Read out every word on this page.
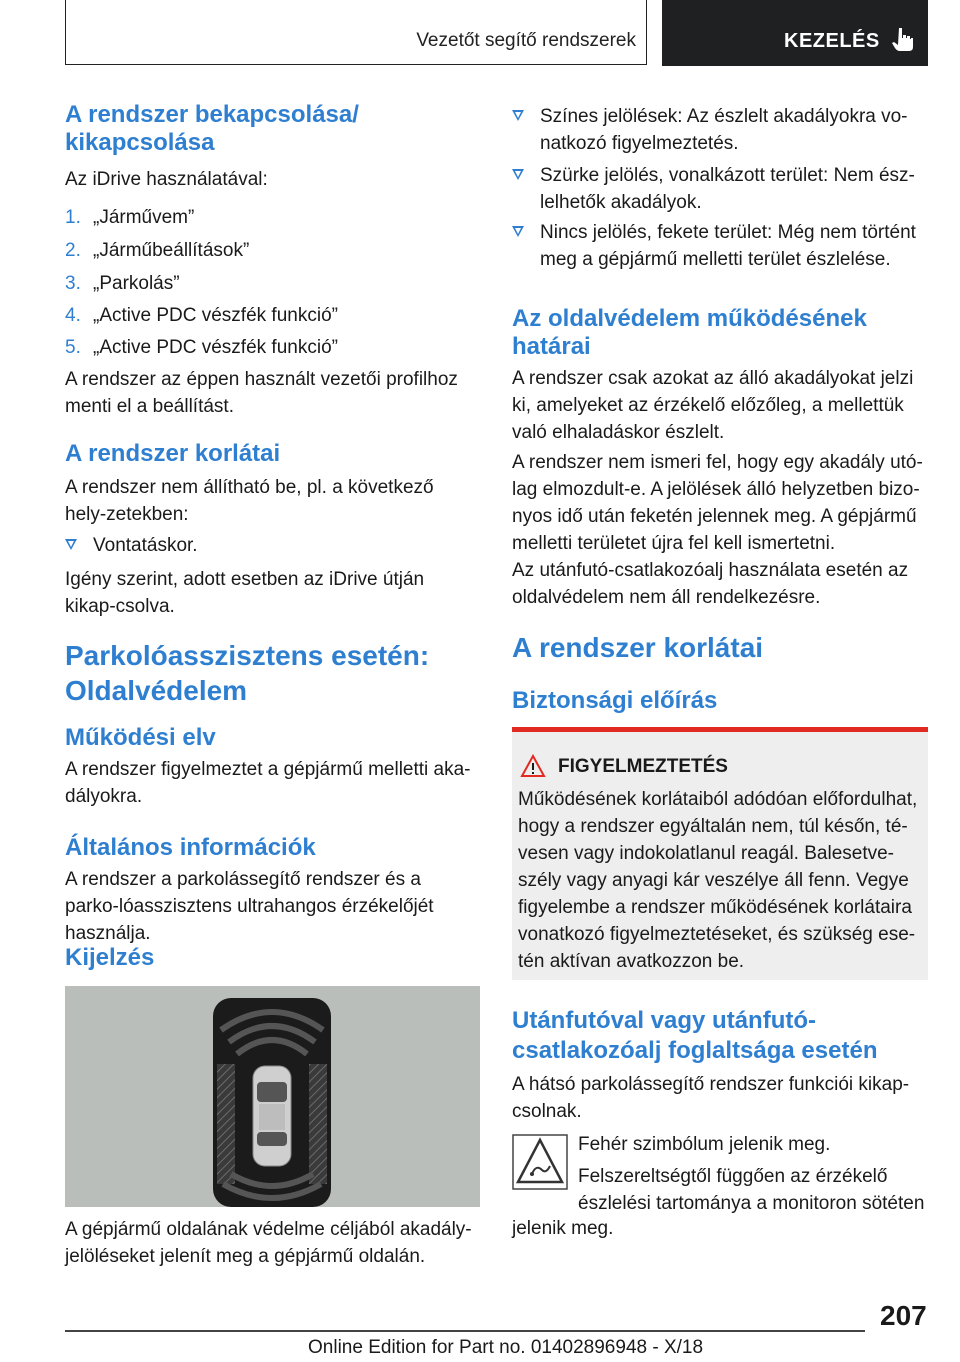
Vezetőt segítő rendszerek	KEZELÉS
A rendszer bekapcsolása/ kikapcsolása

Az iDrive használatával:

1. „Járművem”
2. „Járműbeállítások”
3. „Parkolás”
4. „Active PDC vészfék funkció”
5. „Active PDC vészfék funkció”

A rendszer az éppen használt vezetői profilhoz menti el a beállítást.

A rendszer korlátai

A rendszer nem állítható be, pl. a következő hely-zetekben:

Vontatáskor.

Igény szerint, adott esetben az iDrive útján kikap-csolva.

Parkolóasszisztens esetén: Oldalvédelem
Működési elv

A rendszer figyelmeztet a gépjármű melletti aka-dályokra.

Általános információk

A rendszer a parkolássegítő rendszer és a parko-lóasszisztens ultrahangos érzékelőjét használja.

Kijelzés

A gépjármű oldalának védelme céljából akadály-jelöléseket jelenít meg a gépjármű oldalán.

Színes jelölések: Az észlelt akadályokra vo-natkozó figyelmeztetés.
Szürke jelölés, vonalkázott terület: Nem ész-lelhetők akadályok.
Nincs jelölés, fekete terület: Még nem történt meg a gépjármű melletti terület észlelése.
Az oldalvédelem működésének határai

A rendszer csak azokat az álló akadályokat jelzi ki, amelyeket az érzékelő előzőleg, a mellettük való elhaladáskor észlelt.

A rendszer nem ismeri fel, hogy egy akadály utó-lag elmozdult-e. A jelölések álló helyzetben bizo-nyos idő után feketén jelennek meg. A gépjármű melletti területet újra fel kell ismertetni.

Az utánfutó-csatlakozóalj használata esetén az oldalvédelem nem áll rendelkezésre.

A rendszer korlátai
Biztonsági előírás
FIGYELMEZTETÉS

Működésének korlátaiból adódóan előfordulhat, hogy a rendszer egyáltalán nem, túl későn, té-vesen vagy indokolatlanul reagál. Balesetve-szély vagy anyagi kár veszélye áll fenn. Vegye figyelembe a rendszer működésének korlátaira vonatkozó figyelmeztetéseket, és szükség ese-tén aktívan avatkozzon be.

Utánfutóval vagy utánfutó-csatlakozóalj foglaltsága esetén

A hátsó parkolássegítő rendszer funkciói kikap-csolnak.

Fehér szimbólum jelenik meg.

Felszereltségtől függően az érzékelő

észlelési tartománya a monitoron sötéten

jelenik meg.

207
Online Edition for Part no. 01402896948 - X/18
